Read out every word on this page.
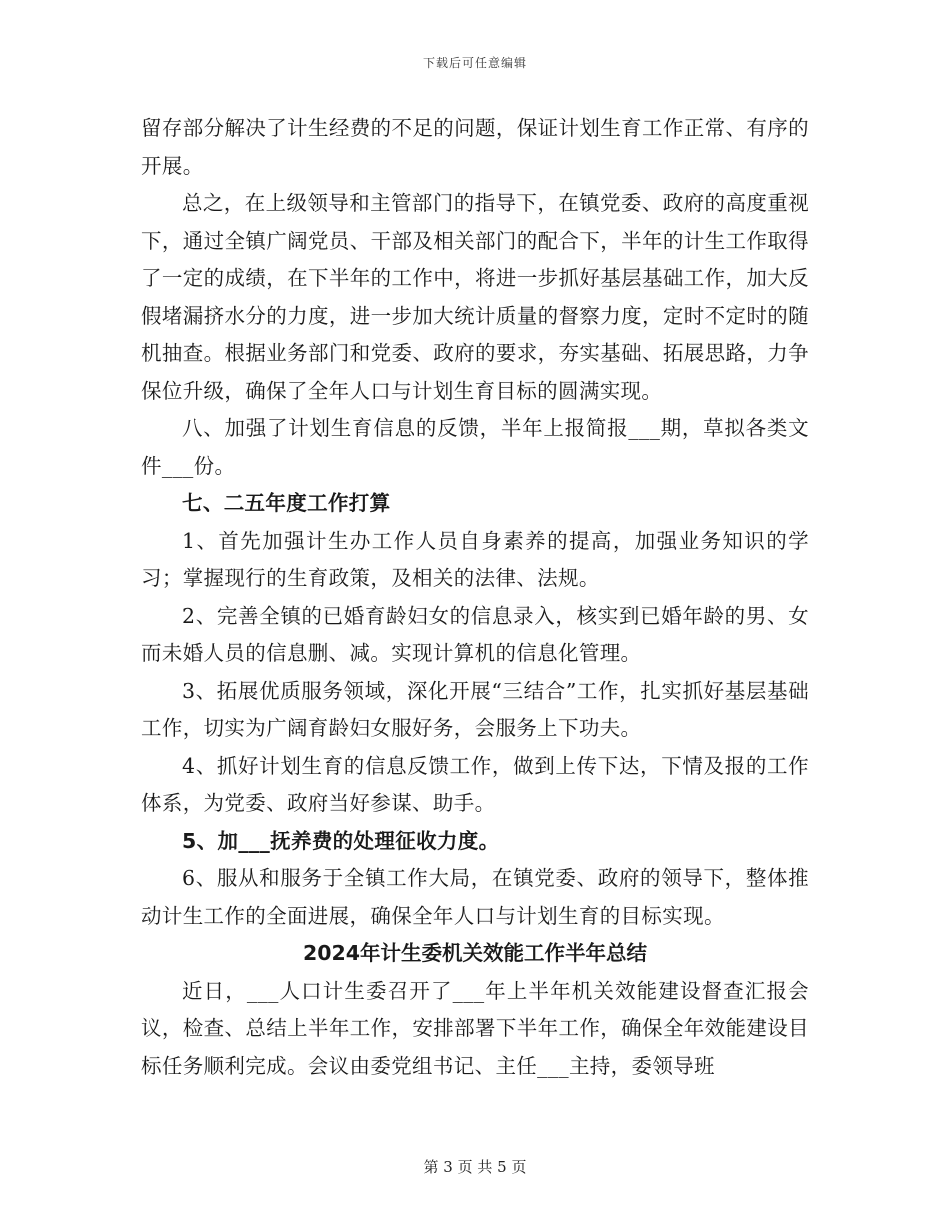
下载后可任意编辑

留存部分解决了计生经费的不足的问题，保证计划生育工作正常、有序的开展。

总之，在上级领导和主管部门的指导下，在镇党委、政府的高度重视下，通过全镇广阔党员、干部及相关部门的配合下，半年的计生工作取得了一定的成绩，在下半年的工作中，将进一步抓好基层基础工作，加大反假堵漏挤水分的力度，进一步加大统计质量的督察力度，定时不定时的随机抽查。根据业务部门和党委、政府的要求，夯实基础、拓展思路，力争保位升级，确保了全年人口与计划生育目标的圆满实现。

八、加强了计划生育信息的反馈，半年上报简报___期，草拟各类文件___份。

七、二五年度工作打算

1、首先加强计生办工作人员自身素养的提高，加强业务知识的学习；掌握现行的生育政策，及相关的法律、法规。

2、完善全镇的已婚育龄妇女的信息录入，核实到已婚年龄的男、女而未婚人员的信息删、减。实现计算机的信息化管理。

3、拓展优质服务领域，深化开展“三结合”工作，扎实抓好基层基础工作，切实为广阔育龄妇女服好务，会服务上下功夫。

4、抓好计划生育的信息反馈工作，做到上传下达，下情及报的工作体系，为党委、政府当好参谋、助手。

5、加___抚养费的处理征收力度。

6、服从和服务于全镇工作大局，在镇党委、政府的领导下，整体推动计生工作的全面进展，确保全年人口与计划生育的目标实现。

2024年计生委机关效能工作半年总结

近日，___人口计生委召开了___年上半年机关效能建设督查汇报会议，检查、总结上半年工作，安排部署下半年工作，确保全年效能建设目标任务顺利完成。会议由委党组书记、主任___主持，委领导班

第 3 页 共 5 页
